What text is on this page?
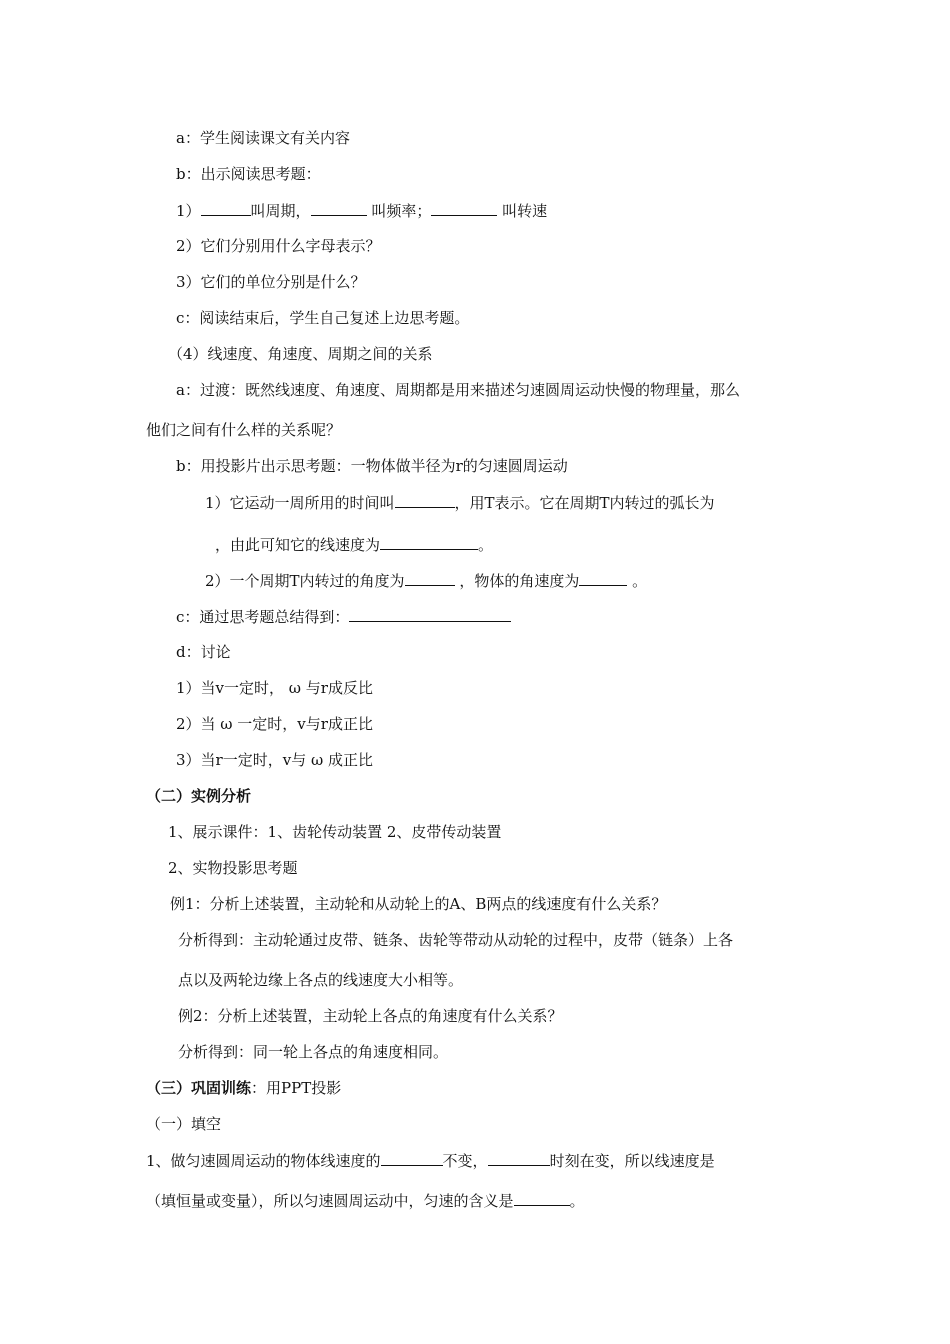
a：学生阅读课文有关内容
b：出示阅读思考题：
1）	叫周期，	叫频率；	叫转速
2）它们分别用什么字母表示？
3）它们的单位分别是什么？
c：阅读结束后，学生自己复述上边思考题。
（4）线速度、角速度、周期之间的关系
a：过渡：既然线速度、角速度、周期都是用来描述匀速圆周运动快慢的物理量，那么
他们之间有什么样的关系呢？
b：用投影片出示思考题：一物体做半径为r的匀速圆周运动
1）它运动一周所用的时间叫	，用T表示。它在周期T内转过的弧长为
，由此可知它的线速度为	。
2）一个周期T内转过的角度为	，物体的角速度为	。
c：通过思考题总结得到：
d：讨论
1）当v一定时， ω 与r成反比
2）当 ω 一定时，v与r成正比
3）当r一定时，v与 ω 成正比
（二）实例分析
1、展示课件：1、齿轮传动装置 2、皮带传动装置
2、实物投影思考题
例1：分析上述装置，主动轮和从动轮上的A、B两点的线速度有什么关系？
分析得到：主动轮通过皮带、链条、齿轮等带动从动轮的过程中，皮带（链条）上各
点以及两轮边缘上各点的线速度大小相等。
例2：分析上述装置，主动轮上各点的角速度有什么关系？
分析得到：同一轮上各点的角速度相同。
（三）巩固训练：用PPT投影
（一）填空
1、做匀速圆周运动的物体线速度的	不变，	时刻在变，所以线速度是
（填恒量或变量），所以匀速圆周运动中，匀速的含义是	。
